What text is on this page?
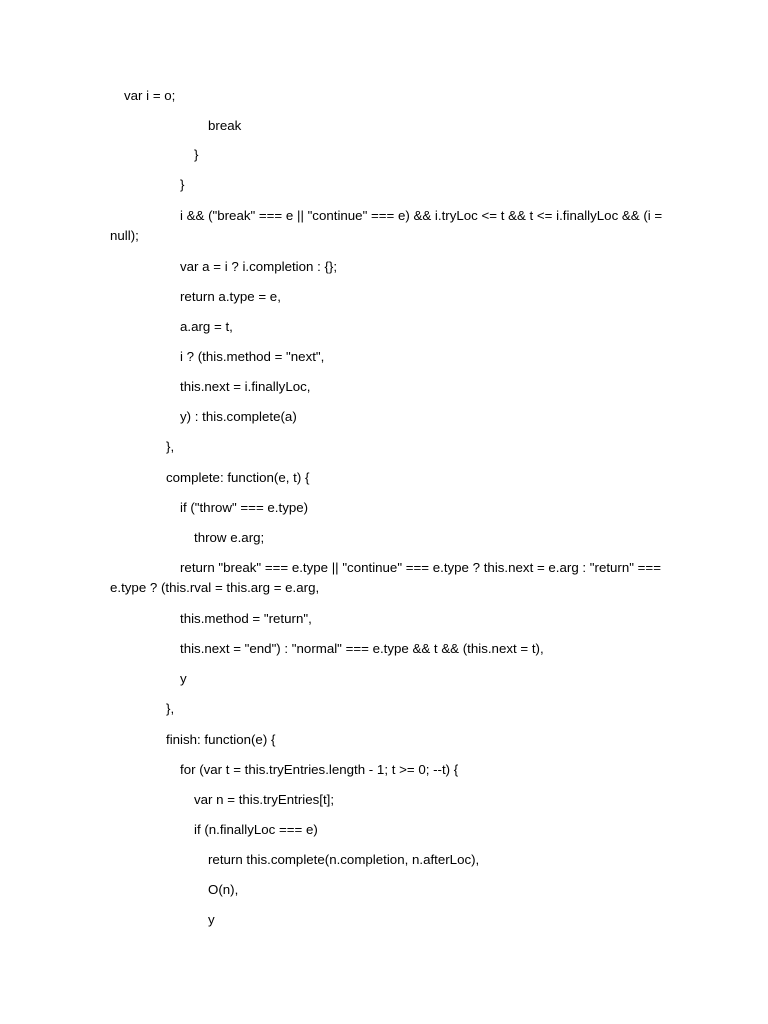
var i = o;
break
}
}
i && ("break" === e || "continue" === e) && i.tryLoc <= t && t <= i.finallyLoc && (i = null);
var a = i ? i.completion : {};
return a.type = e,
a.arg = t,
i ? (this.method = "next",
this.next = i.finallyLoc,
y) : this.complete(a)
},
complete: function(e, t) {
if ("throw" === e.type)
throw e.arg;
return "break" === e.type || "continue" === e.type ? this.next = e.arg : "return" === e.type ? (this.rval = this.arg = e.arg,
this.method = "return",
this.next = "end") : "normal" === e.type && t && (this.next = t),
y
},
finish: function(e) {
for (var t = this.tryEntries.length - 1; t >= 0; --t) {
var n = this.tryEntries[t];
if (n.finallyLoc === e)
return this.complete(n.completion, n.afterLoc),
O(n),
y
